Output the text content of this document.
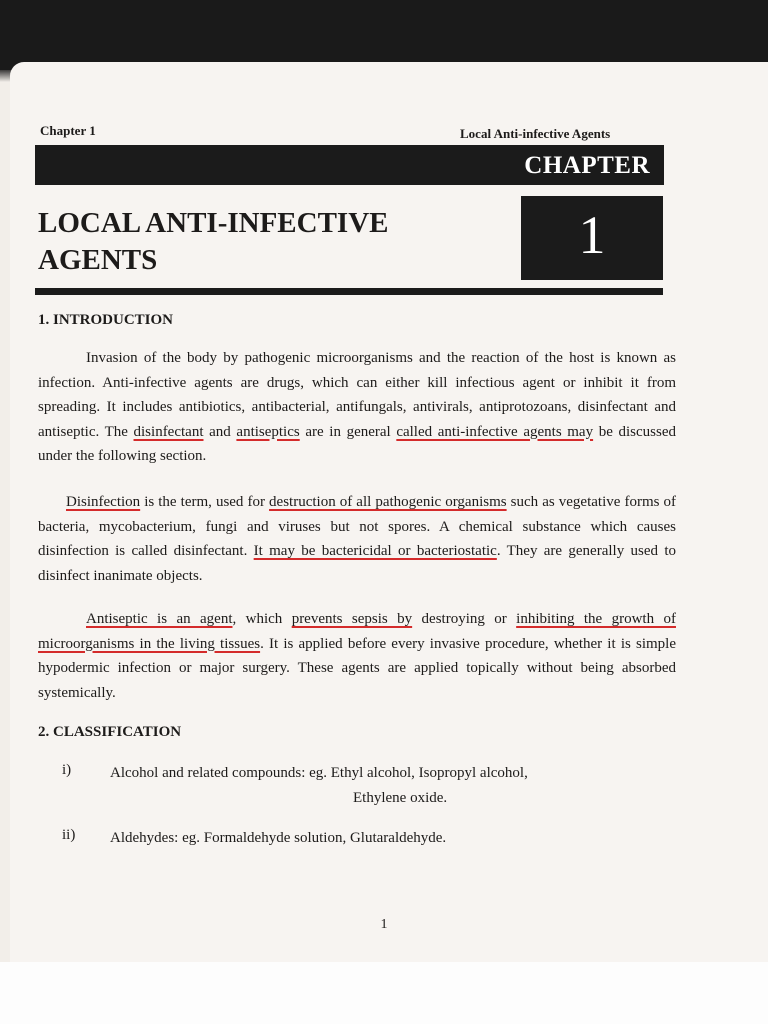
Chapter 1	Local Anti-infective Agents
CHAPTER
LOCAL ANTI-INFECTIVE
AGENTS	1
1. INTRODUCTION

Invasion of the body by pathogenic microorganisms and the reaction of the host is known as infection. Anti-infective agents are drugs, which can either kill infectious agent or inhibit it from spreading. It includes antibiotics, antibacterial, antifungals, antivirals, antiprotozoans, disinfectant and antiseptic. The disinfectant and antiseptics are in general called anti-infective agents may be discussed under the following section.

Disinfection is the term, used for destruction of all pathogenic organisms such as vegetative forms of bacteria, mycobacterium, fungi and viruses but not spores. A chemical substance which causes disinfection is called disinfectant. It may be bactericidal or bacteriostatic. They are generally used to disinfect inanimate objects.

Antiseptic is an agent, which prevents sepsis by destroying or inhibiting the growth of microorganisms in the living tissues. It is applied before every invasive procedure, whether it is simple hypodermic infection or major surgery. These agents are applied topically without being absorbed systemically.

2. CLASSIFICATION
i)	Alcohol and related compounds: eg. Ethyl alcohol, Isopropyl alcohol,
Ethylene oxide.
ii) Aldehydes: eg. Formaldehyde solution, Glutaraldehyde.
1
